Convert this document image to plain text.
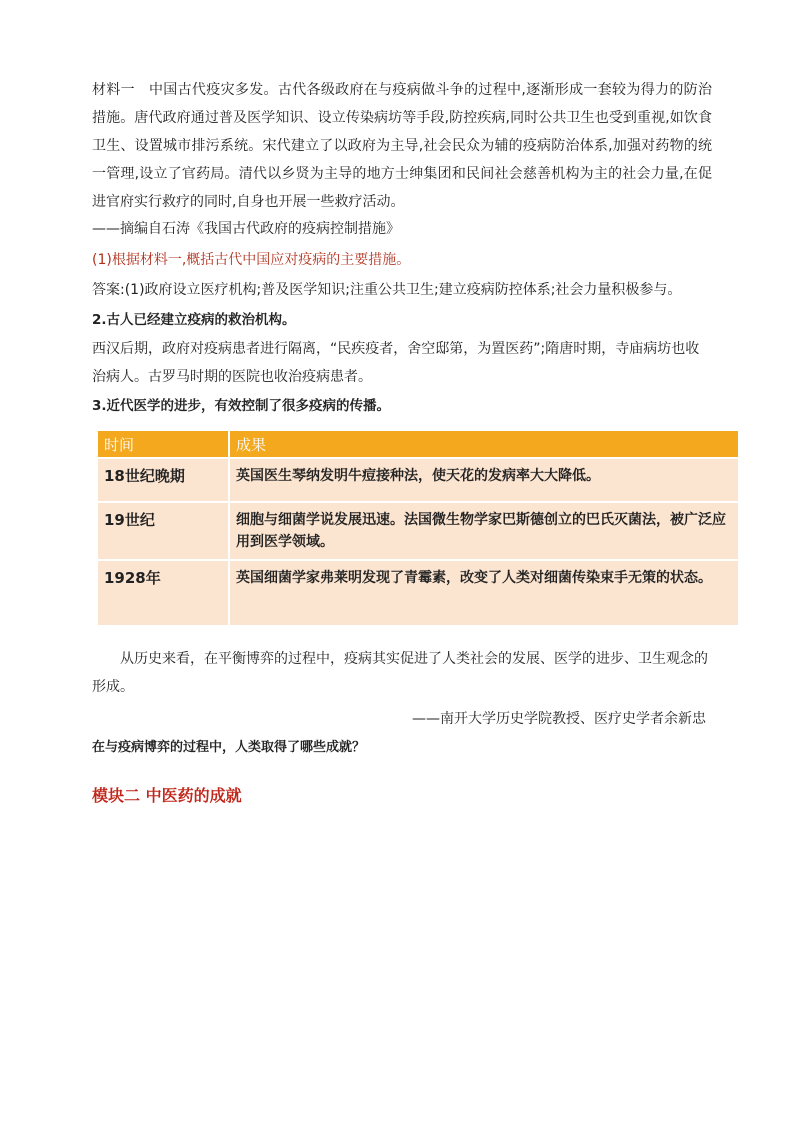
材料一 中国古代疫灾多发。古代各级政府在与疫病做斗争的过程中,逐渐形成一套较为得力的防治措施。唐代政府通过普及医学知识、设立传染病坊等手段,防控疾病,同时公共卫生也受到重视,如饮食卫生、设置城市排污系统。宋代建立了以政府为主导,社会民众为辅的疫病防治体系,加强对药物的统一管理,设立了官药局。清代以乡贤为主导的地方士绅集团和民间社会慈善机构为主的社会力量,在促进官府实行救疗的同时,自身也开展一些救疗活动。

——摘编自石涛《我国古代政府的疫病控制措施》

(1)根据材料一,概括古代中国应对疫病的主要措施。

答案:(1)政府设立医疗机构;普及医学知识;注重公共卫生;建立疫病防控体系;社会力量积极参与。

2.古人已经建立疫病的救治机构。

西汉后期，政府对疫病患者进行隔离，“民疾疫者，舍空邸第，为置医药”;隋唐时期，寺庙病坊也收治病人。古罗马时期的医院也收治疫病患者。

3.近代医学的进步，有效控制了很多疫病的传播。

时间	成果
18世纪晚期	英国医生琴纳发明牛痘接种法，使天花的发病率大大降低。
19世纪	细胞与细菌学说发展迅速。法国微生物学家巴斯德创立的巴氏灭菌法，被广泛应用到医学领域。
1928年	英国细菌学家弗莱明发现了青霉素，改变了人类对细菌传染束手无策的状态。

从历史来看，在平衡博弈的过程中，疫病其实促进了人类社会的发展、医学的进步、卫生观念的形成。

——南开大学历史学院教授、医疗史学者余新忠

在与疫病博弈的过程中，人类取得了哪些成就？

模块二 中医药的成就
